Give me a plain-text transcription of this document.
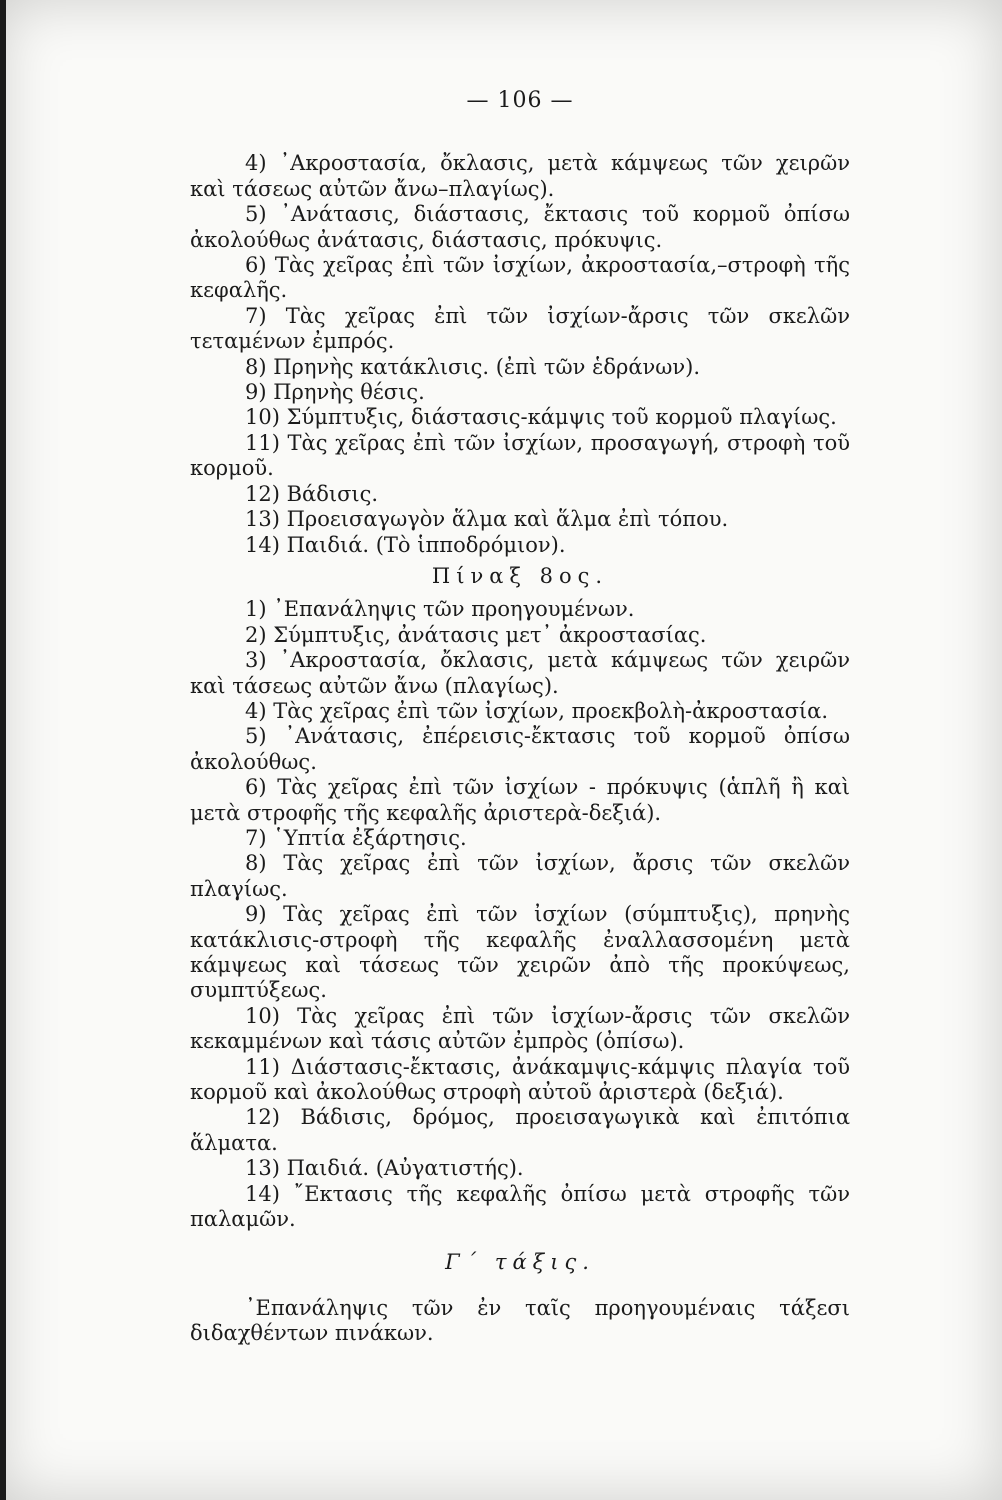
— 106 —

4) ᾿Ακροστασία, ὄκλασις, μετὰ κάμψεως τῶν χειρῶν καὶ τάσεως αὐτῶν ἄνω–πλαγίως).

5) ᾿Ανάτασις, διάστασις, ἔκτασις τοῦ κορμοῦ ὀπίσω ἀκολούθως ἀνάτασις, διάστασις, πρόκυψις.

6) Τὰς χεῖρας ἐπὶ τῶν ἰσχίων, ἀκροστασία,–στροφὴ τῆς κεφαλῆς.

7) Τὰς χεῖρας ἐπὶ τῶν ἰσχίων-ἄρσις τῶν σκελῶν τεταμένων ἐμπρός.

8) Πρηνὴς κατάκλισις. (ἐπὶ τῶν ἑδράνων).

9) Πρηνὴς θέσις.

10) Σύμπτυξις, διάστασις-κάμψις τοῦ κορμοῦ πλαγίως.

11) Τὰς χεῖρας ἐπὶ τῶν ἰσχίων, προσαγωγή, στροφὴ τοῦ κορμοῦ.

12) Βάδισις.

13) Προεισαγωγὸν ἅλμα καὶ ἅλμα ἐπὶ τόπου.

14) Παιδιά. (Τὸ ἱπποδρόμιον).

Πίναξ 8ος.

1) ᾿Επανάληψις τῶν προηγουμένων.

2) Σύμπτυξις, ἀνάτασις μετ᾿ ἀκροστασίας.

3) ᾿Ακροστασία, ὄκλασις, μετὰ κάμψεως τῶν χειρῶν καὶ τάσεως αὐτῶν ἄνω (πλαγίως).

4) Τὰς χεῖρας ἐπὶ τῶν ἰσχίων, προεκβολὴ-ἀκροστασία.

5) ᾿Ανάτασις, ἐπέρεισις-ἔκτασις τοῦ κορμοῦ ὀπίσω ἀκολούθως.

6) Τὰς χεῖρας ἐπὶ τῶν ἰσχίων - πρόκυψις (ἁπλῆ ἢ καὶ μετὰ στροφῆς τῆς κεφαλῆς ἀριστερὰ-δεξιά).

7) ῾Υπτία ἐξάρτησις.

8) Τὰς χεῖρας ἐπὶ τῶν ἰσχίων, ἄρσις τῶν σκελῶν πλαγίως.

9) Τὰς χεῖρας ἐπὶ τῶν ἰσχίων (σύμπτυξις), πρηνὴς κατάκλισις-στροφὴ τῆς κεφαλῆς ἐναλλασσομένη μετὰ κάμψεως καὶ τάσεως τῶν χειρῶν ἀπὸ τῆς προκύψεως, συμπτύξεως.

10) Τὰς χεῖρας ἐπὶ τῶν ἰσχίων-ἄρσις τῶν σκελῶν κεκαμμένων καὶ τάσις αὐτῶν ἐμπρὸς (ὀπίσω).

11) Διάστασις-ἔκτασις, ἀνάκαμψις-κάμψις πλαγία τοῦ κορμοῦ καὶ ἀκολούθως στροφὴ αὐτοῦ ἀριστερὰ (δεξιά).

12) Βάδισις, δρόμος, προεισαγωγικὰ καὶ ἐπιτόπια ἅλματα.

13) Παιδιά. (Αὐγατιστής).

14) ῎Εκτασις τῆς κεφαλῆς ὀπίσω μετὰ στροφῆς τῶν παλαμῶν.

Γ΄ τάξις.

᾿Επανάληψις τῶν ἐν ταῖς προηγουμέναις τάξεσι διδαχθέντων πινάκων.
